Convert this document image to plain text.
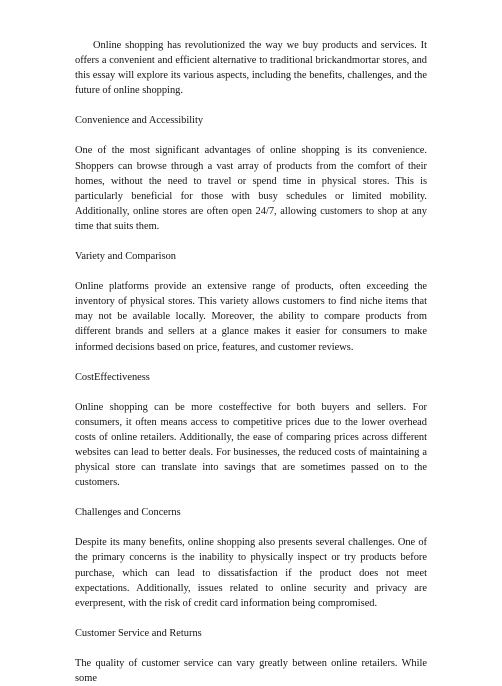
Online shopping has revolutionized the way we buy products and services. It offers a convenient and efficient alternative to traditional brickandmortar stores, and this essay will explore its various aspects, including the benefits, challenges, and the future of online shopping.

Convenience and Accessibility

One of the most significant advantages of online shopping is its convenience. Shoppers can browse through a vast array of products from the comfort of their homes, without the need to travel or spend time in physical stores. This is particularly beneficial for those with busy schedules or limited mobility. Additionally, online stores are often open 24/7, allowing customers to shop at any time that suits them.

Variety and Comparison

Online platforms provide an extensive range of products, often exceeding the inventory of physical stores. This variety allows customers to find niche items that may not be available locally. Moreover, the ability to compare products from different brands and sellers at a glance makes it easier for consumers to make informed decisions based on price, features, and customer reviews.

CostEffectiveness

Online shopping can be more costeffective for both buyers and sellers. For consumers, it often means access to competitive prices due to the lower overhead costs of online retailers. Additionally, the ease of comparing prices across different websites can lead to better deals. For businesses, the reduced costs of maintaining a physical store can translate into savings that are sometimes passed on to the customers.

Challenges and Concerns

Despite its many benefits, online shopping also presents several challenges. One of the primary concerns is the inability to physically inspect or try products before purchase, which can lead to dissatisfaction if the product does not meet expectations. Additionally, issues related to online security and privacy are everpresent, with the risk of credit card information being compromised.

Customer Service and Returns

The quality of customer service can vary greatly between online retailers. While some
